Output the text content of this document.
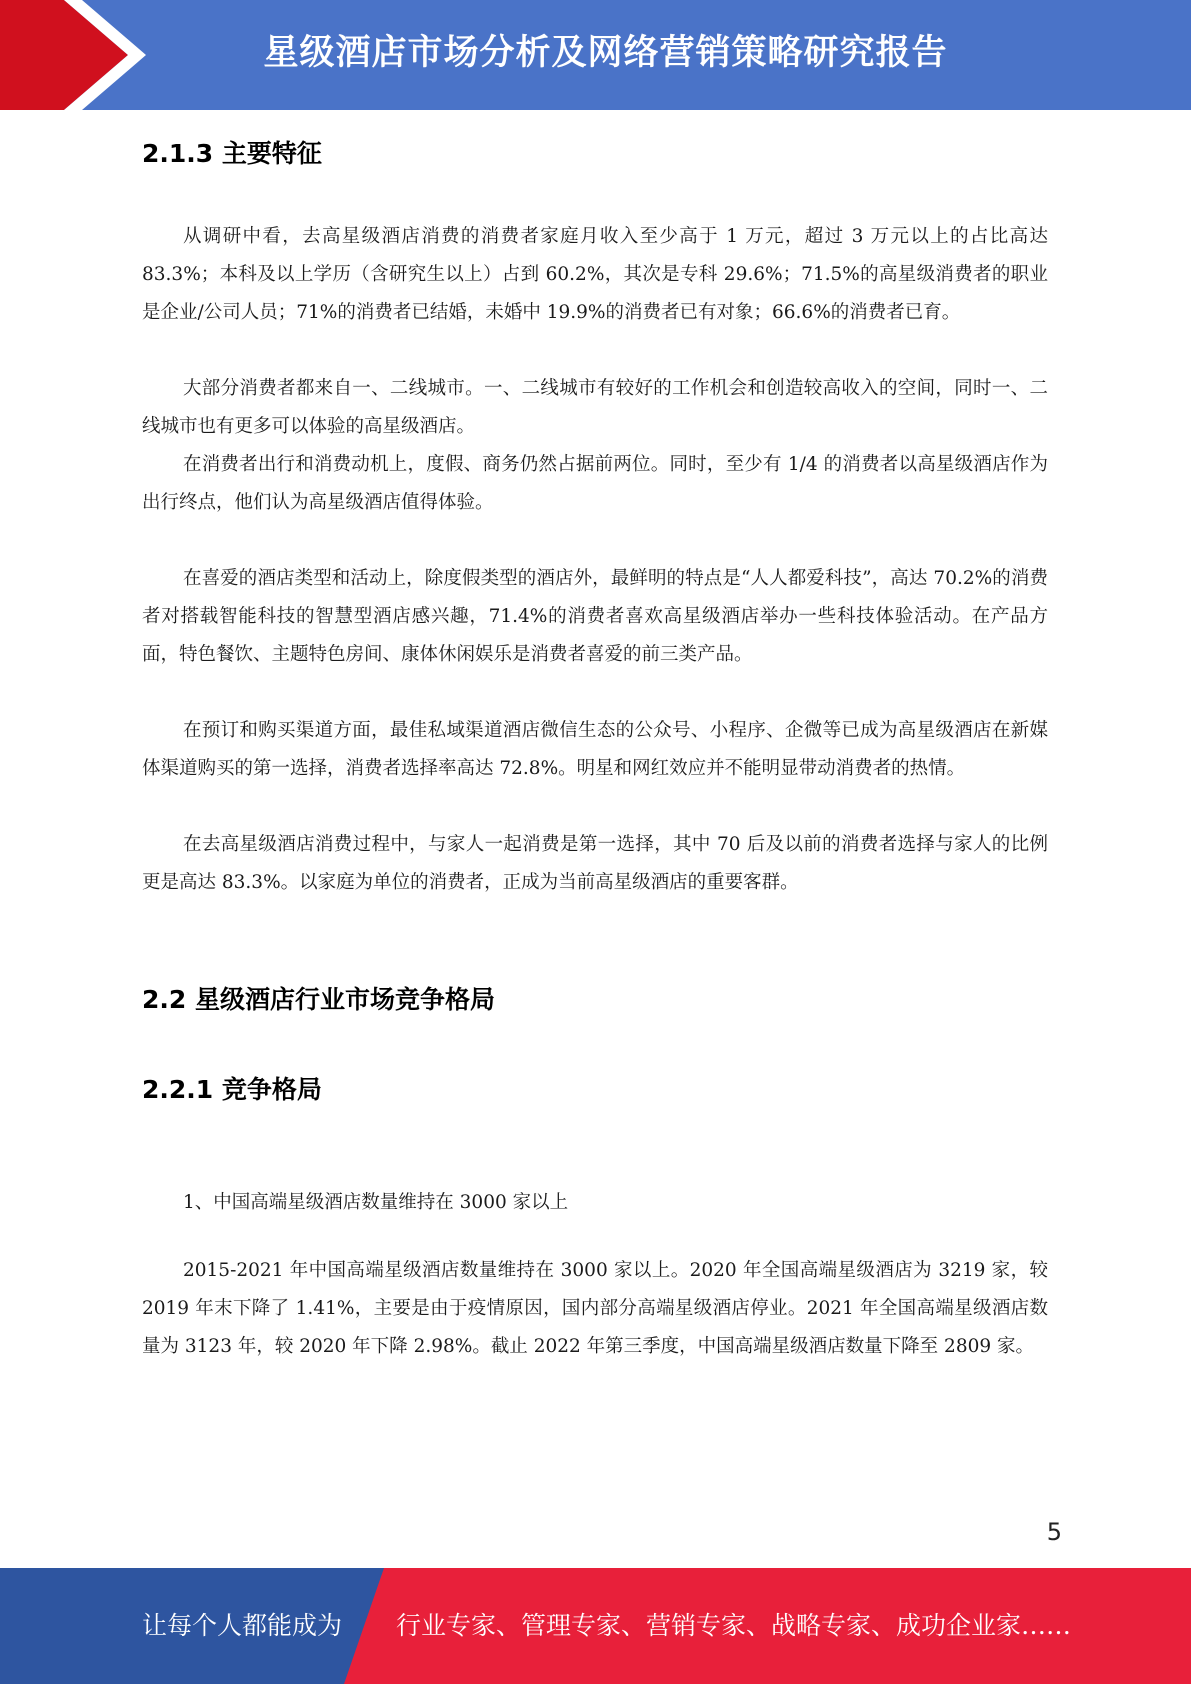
星级酒店市场分析及网络营销策略研究报告
2.1.3 主要特征

从调研中看，去高星级酒店消费的消费者家庭月收入至少高于 1 万元，超过 3 万元以上的占比高达 83.3%；本科及以上学历（含研究生以上）占到 60.2%，其次是专科 29.6%；71.5%的高星级消费者的职业是企业/公司人员；71%的消费者已结婚，未婚中 19.9%的消费者已有对象；66.6%的消费者已育。

大部分消费者都来自一、二线城市。一、二线城市有较好的工作机会和创造较高收入的空间，同时一、二线城市也有更多可以体验的高星级酒店。

在消费者出行和消费动机上，度假、商务仍然占据前两位。同时，至少有 1/4 的消费者以高星级酒店作为出行终点，他们认为高星级酒店值得体验。

在喜爱的酒店类型和活动上，除度假类型的酒店外，最鲜明的特点是“人人都爱科技”，高达 70.2%的消费者对搭载智能科技的智慧型酒店感兴趣，71.4%的消费者喜欢高星级酒店举办一些科技体验活动。在产品方面，特色餐饮、主题特色房间、康体休闲娱乐是消费者喜爱的前三类产品。

在预订和购买渠道方面，最佳私域渠道酒店微信生态的公众号、小程序、企微等已成为高星级酒店在新媒体渠道购买的第一选择，消费者选择率高达 72.8%。明星和网红效应并不能明显带动消费者的热情。

在去高星级酒店消费过程中，与家人一起消费是第一选择，其中 70 后及以前的消费者选择与家人的比例更是高达 83.3%。以家庭为单位的消费者，正成为当前高星级酒店的重要客群。

2.2 星级酒店行业市场竞争格局
2.2.1 竞争格局

1、中国高端星级酒店数量维持在 3000 家以上

2015-2021 年中国高端星级酒店数量维持在 3000 家以上。2020 年全国高端星级酒店为 3219 家，较 2019 年末下降了 1.41%，主要是由于疫情原因，国内部分高端星级酒店停业。2021 年全国高端星级酒店数量为 3123 年，较 2020 年下降 2.98%。截止 2022 年第三季度，中国高端星级酒店数量下降至 2809 家。

5
让每个人都能成为 行业专家、管理专家、营销专家、战略专家、成功企业家……
